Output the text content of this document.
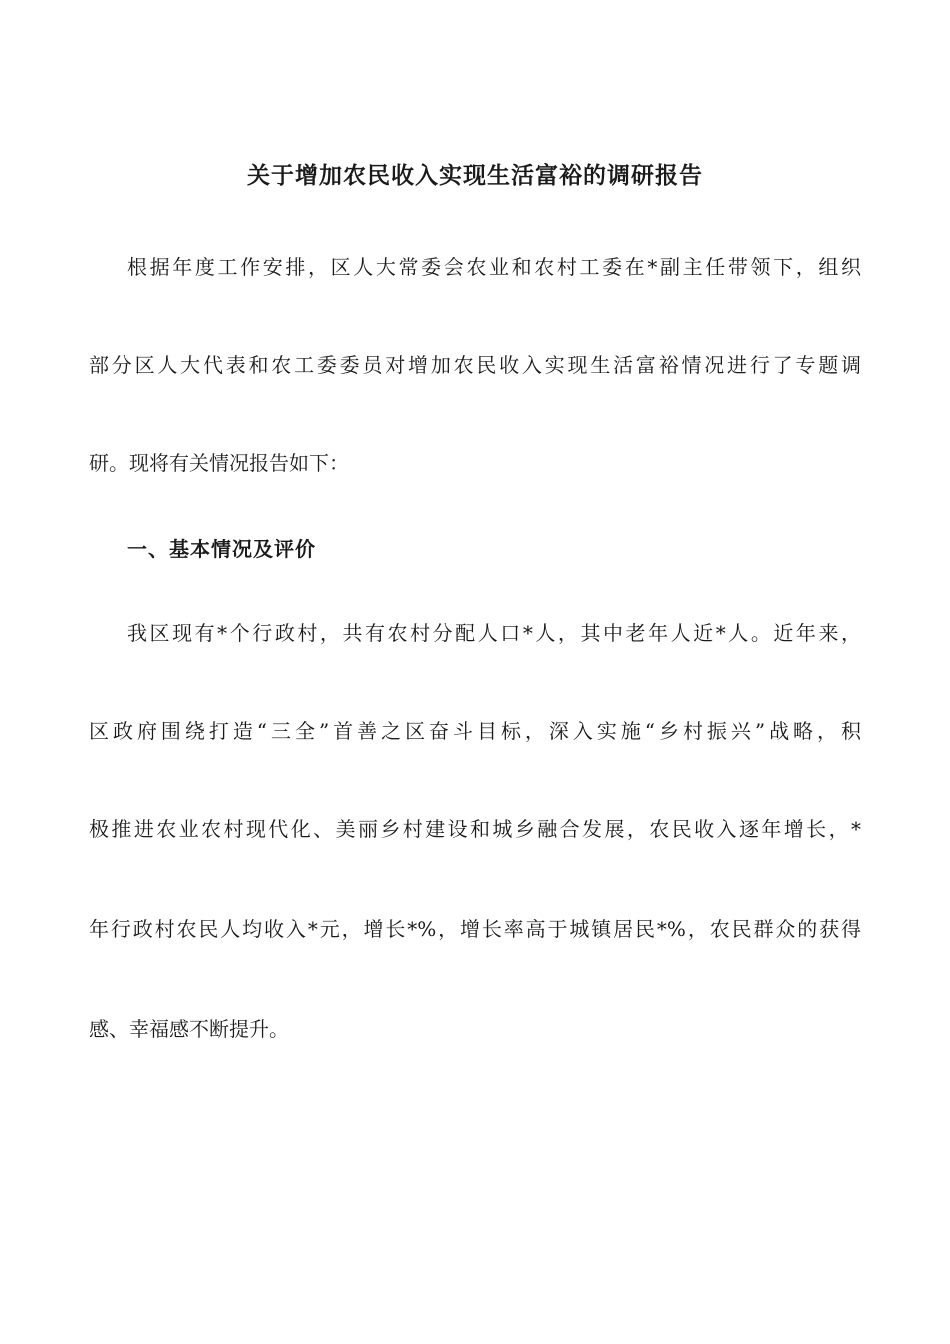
关于增加农民收入实现生活富裕的调研报告
根据年度工作安排，区人大常委会农业和农村工委在*副主任带领下，组织
部分区人大代表和农工委委员对增加农民收入实现生活富裕情况进行了专题调
研。现将有关情况报告如下：
一、基本情况及评价
我区现有*个行政村，共有农村分配人口*人，其中老年人近*人。近年来，
区政府围绕打造“三全”首善之区奋斗目标，深入实施“乡村振兴”战略，积
极推进农业农村现代化、美丽乡村建设和城乡融合发展，农民收入逐年增长，*
年行政村农民人均收入*元，增长*%，增长率高于城镇居民*%，农民群众的获得
感、幸福感不断提升。
